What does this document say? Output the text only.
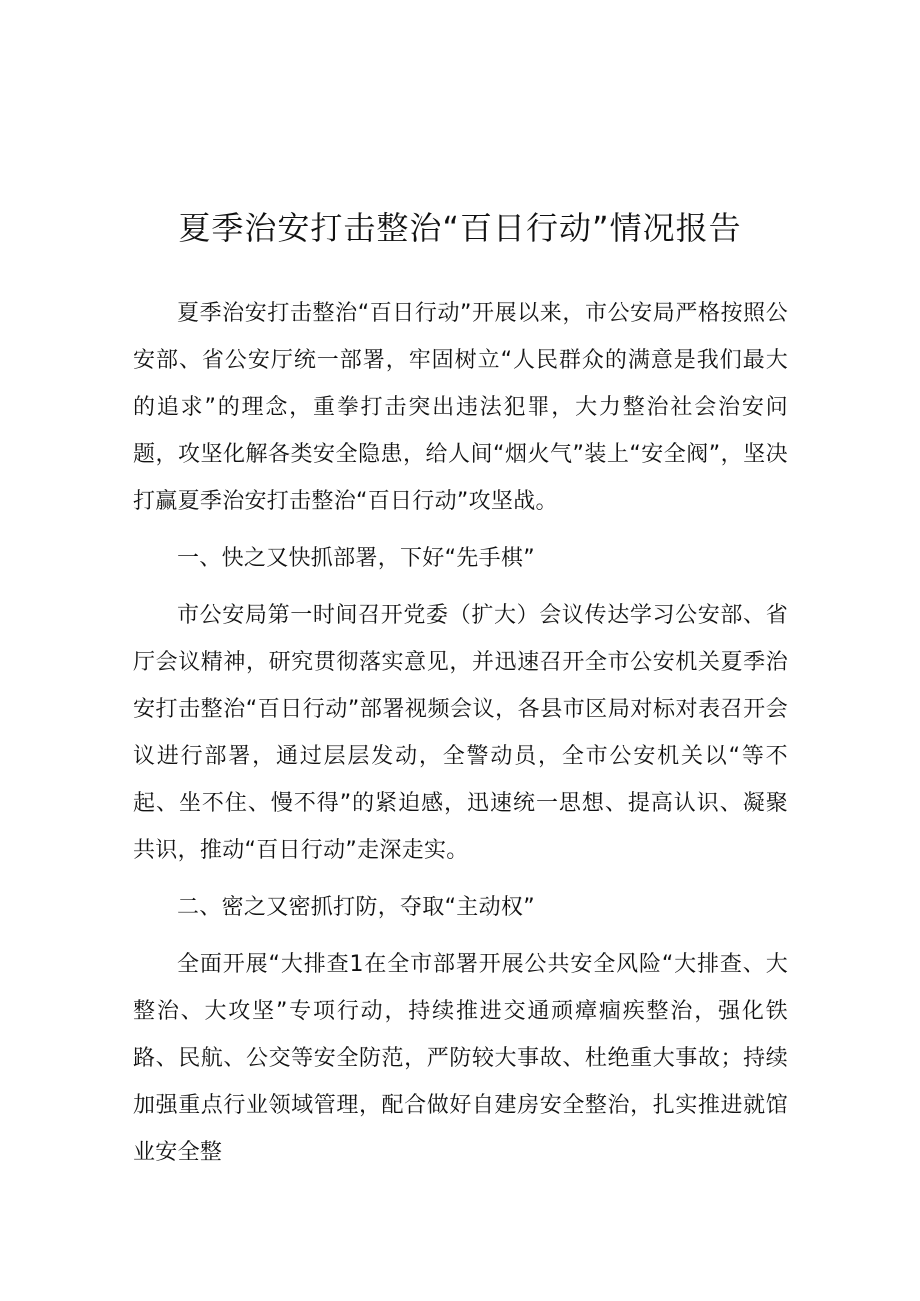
夏季治安打击整治“百日行动”情况报告

夏季治安打击整治“百日行动”开展以来，市公安局严格按照公安部、省公安厅统一部署，牢固树立“人民群众的满意是我们最大的追求”的理念，重拳打击突出违法犯罪，大力整治社会治安问题，攻坚化解各类安全隐患，给人间“烟火气”装上“安全阀”，坚决打赢夏季治安打击整治“百日行动”攻坚战。

一、快之又快抓部署，下好“先手棋”

市公安局第一时间召开党委（扩大）会议传达学习公安部、省厅会议精神，研究贯彻落实意见，并迅速召开全市公安机关夏季治安打击整治“百日行动”部署视频会议，各县市区局对标对表召开会议进行部署，通过层层发动，全警动员，全市公安机关以“等不起、坐不住、慢不得”的紧迫感，迅速统一思想、提高认识、凝聚共识，推动“百日行动”走深走实。

二、密之又密抓打防，夺取“主动权”

全面开展“大排查1在全市部署开展公共安全风险“大排查、大整治、大攻坚”专项行动，持续推进交通顽瘴痼疾整治，强化铁路、民航、公交等安全防范，严防较大事故、杜绝重大事故；持续加强重点行业领域管理，配合做好自建房安全整治，扎实推进就馆业安全整
